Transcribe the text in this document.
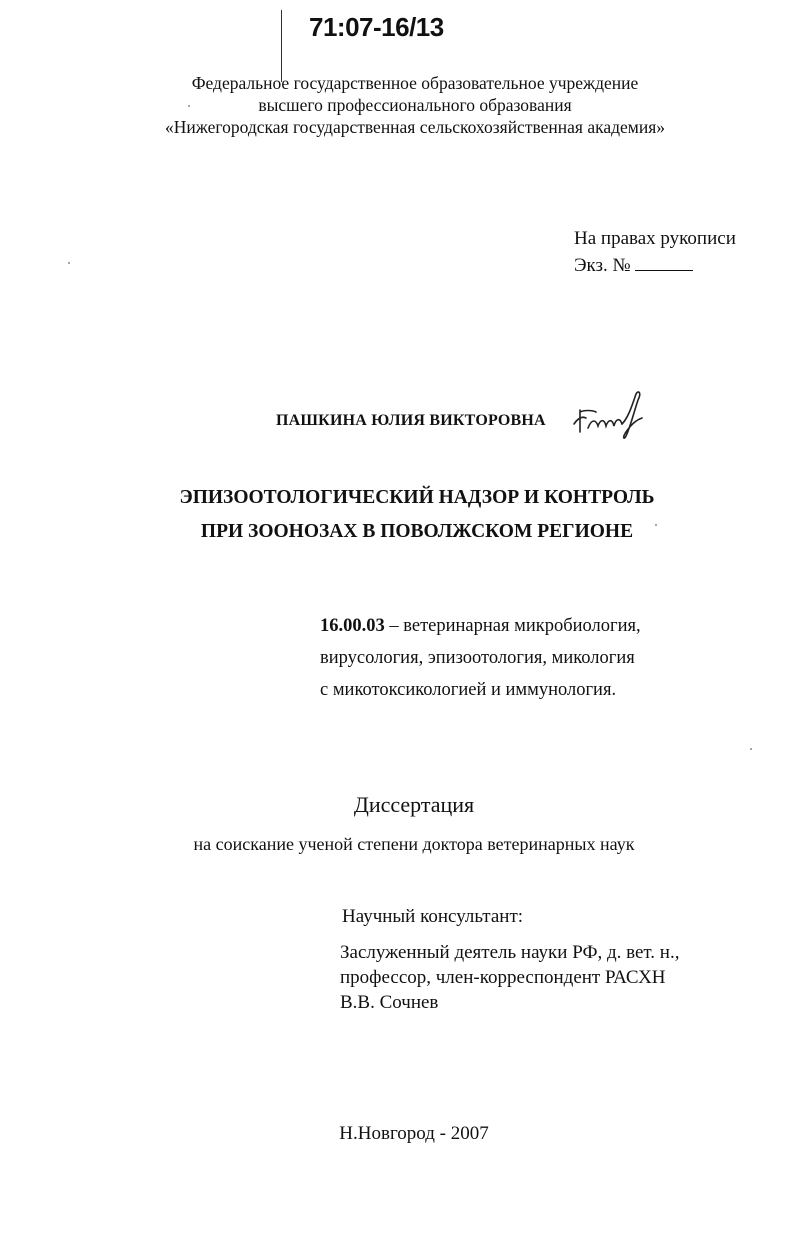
71:07-16/13
Федеральное государственное образовательное учреждение
высшего профессионального образования
«Нижегородская государственная сельскохозяйственная академия»
На правах рукописи
Экз. №
ПАШКИНА ЮЛИЯ ВИКТОРОВНА
ЭПИЗООТОЛОГИЧЕСКИЙ НАДЗОР И КОНТРОЛЬ
ПРИ ЗООНОЗАХ В ПОВОЛЖСКОМ РЕГИОНЕ
16.00.03 – ветеринарная микробиология,
вирусология, эпизоотология, микология
с микотоксикологией и иммунология.
Диссертация
на соискание ученой степени доктора ветеринарных наук
Научный консультант:
Заслуженный деятель науки РФ, д. вет. н.,
профессор, член-корреспондент РАСХН
В.В. Сочнев
Н.Новгород - 2007
